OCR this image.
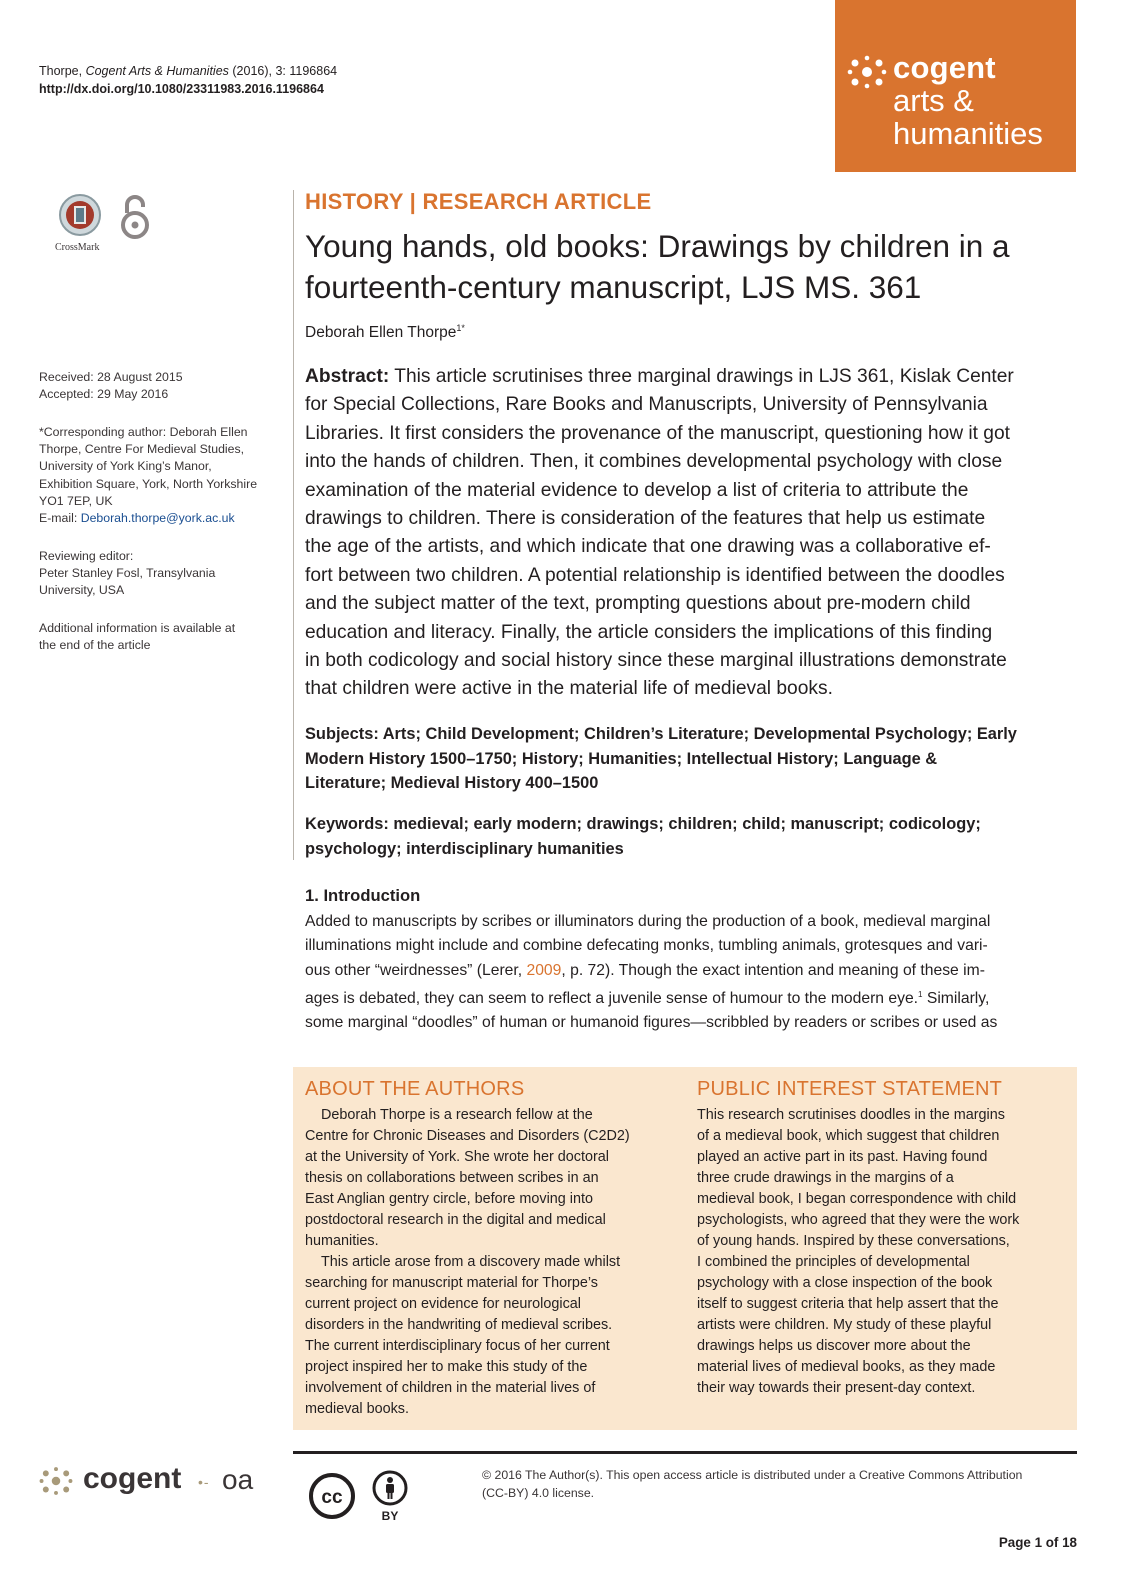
Thorpe, Cogent Arts & Humanities (2016), 3: 1196864
http://dx.doi.org/10.1080/23311983.2016.1196864
cogent
arts &
humanities
CrossMark
Received: 28 August 2015
Accepted: 29 May 2016
*Corresponding author: Deborah Ellen
Thorpe, Centre For Medieval Studies,
University of York King’s Manor,
Exhibition Square, York, North Yorkshire
YO1 7EP, UK
E-mail: Deborah.thorpe@york.ac.uk
Reviewing editor:
Peter Stanley Fosl, Transylvania
University, USA
Additional information is available at
the end of the article
HISTORY | RESEARCH ARTICLE
Young hands, old books: Drawings by children in a
fourteenth-century manuscript, LJS MS. 361
Deborah Ellen Thorpe$^{1*}$
Abstract: This article scrutinises three marginal drawings in LJS 361, Kislak Center
for Special Collections, Rare Books and Manuscripts, University of Pennsylvania
Libraries. It first considers the provenance of the manuscript, questioning how it got
into the hands of children. Then, it combines developmental psychology with close
examination of the material evidence to develop a list of criteria to attribute the
drawings to children. There is consideration of the features that help us estimate
the age of the artists, and which indicate that one drawing was a collaborative ef-
fort between two children. A potential relationship is identified between the doodles
and the subject matter of the text, prompting questions about pre-modern child
education and literacy. Finally, the article considers the implications of this finding
in both codicology and social history since these marginal illustrations demonstrate
that children were active in the material life of medieval books.
Subjects: Arts; Child Development; Children’s Literature; Developmental Psychology; Early
Modern History 1500–1750; History; Humanities; Intellectual History; Language &
Literature; Medieval History 400–1500
Keywords: medieval; early modern; drawings; children; child; manuscript; codicology;
psychology; interdisciplinary humanities
1. Introduction
Added to manuscripts by scribes or illuminators during the production of a book, medieval marginal
illuminations might include and combine defecating monks, tumbling animals, grotesques and vari-
ous other “weirdnesses” (Lerer, 2009, p. 72). Though the exact intention and meaning of these im-
ages is debated, they can seem to reflect a juvenile sense of humour to the modern eye.$^1$ Similarly,
some marginal “doodles” of human or humanoid figures—scribbled by readers or scribes or used as
ABOUT THE AUTHORS
Deborah Thorpe is a research fellow at the
Centre for Chronic Diseases and Disorders (C2D2)
at the University of York. She wrote her doctoral
thesis on collaborations between scribes in an
East Anglian gentry circle, before moving into
postdoctoral research in the digital and medical
humanities.
This article arose from a discovery made whilst
searching for manuscript material for Thorpe’s
current project on evidence for neurological
disorders in the handwriting of medieval scribes.
The current interdisciplinary focus of her current
project inspired her to make this study of the
involvement of children in the material lives of
medieval books.
PUBLIC INTEREST STATEMENT
This research scrutinises doodles in the margins
of a medieval book, which suggest that children
played an active part in its past. Having found
three crude drawings in the margins of a
medieval book, I began correspondence with child
psychologists, who agreed that they were the work
of young hands. Inspired by these conversations,
I combined the principles of developmental
psychology with a close inspection of the book
itself to suggest criteria that help assert that the
artists were children. My study of these playful
drawings helps us discover more about the
material lives of medieval books, as they made
their way towards their present-day context.
cogent •- oa
cc
BY
© 2016 The Author(s). This open access article is distributed under a Creative Commons Attribution
(CC-BY) 4.0 license.
Page 1 of 18
